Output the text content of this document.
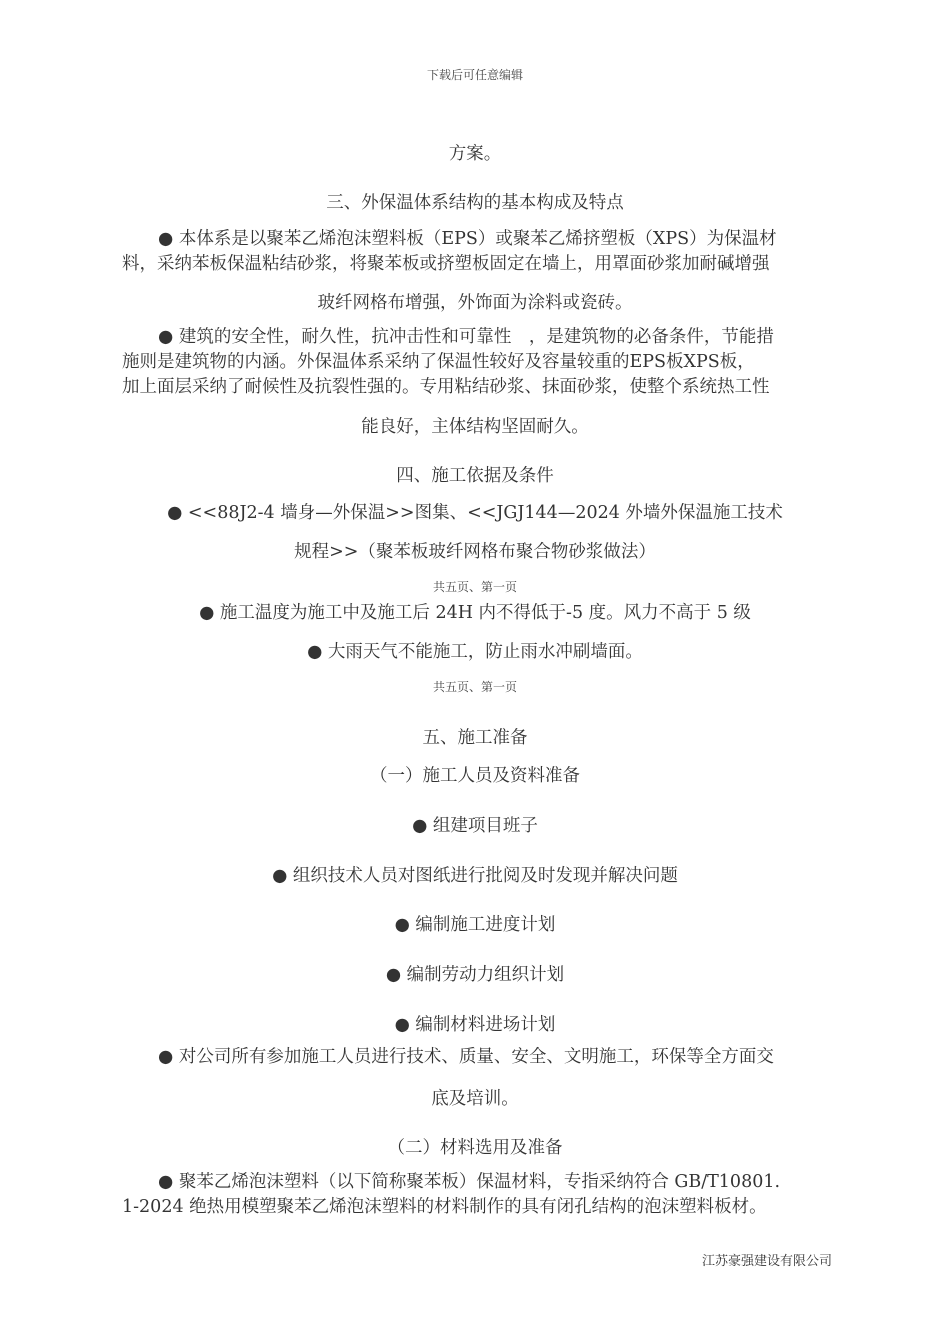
下载后可任意编辑
方案。
三、外保温体系结构的基本构成及特点
● 本体系是以聚苯乙烯泡沫塑料板（EPS）或聚苯乙烯挤塑板（XPS）为保温材
料，采纳苯板保温粘结砂浆，将聚苯板或挤塑板固定在墙上，用罩面砂浆加耐碱增强
玻纤网格布增强，外饰面为涂料或瓷砖。
● 建筑的安全性，耐久性，抗冲击性和可靠性　，是建筑物的必备条件，节能措
施则是建筑物的内涵。外保温体系采纳了保温性较好及容量较重的EPS板XPS板，
加上面层采纳了耐候性及抗裂性强的。专用粘结砂浆、抹面砂浆，使整个系统热工性
能良好，主体结构坚固耐久。
四、施工依据及条件
● <<88J2-4 墙身—外保温>>图集、<<JGJ144—2024 外墙外保温施工技术
规程>>（聚苯板玻纤网格布聚合物砂浆做法）
共五页、第一页
● 施工温度为施工中及施工后 24H 内不得低于-5 度。风力不高于 5 级
● 大雨天气不能施工，防止雨水冲刷墙面。
共五页、第一页
五、施工准备
（一）施工人员及资料准备
● 组建项目班子
● 组织技术人员对图纸进行批阅及时发现并解决问题
● 编制施工进度计划
● 编制劳动力组织计划
● 编制材料进场计划
● 对公司所有参加施工人员进行技术、质量、安全、文明施工，环保等全方面交
底及培训。
（二）材料选用及准备
● 聚苯乙烯泡沫塑料（以下简称聚苯板）保温材料，专指采纳符合 GB/T10801.
1-2024 绝热用模塑聚苯乙烯泡沫塑料的材料制作的具有闭孔结构的泡沫塑料板材。
江苏豪强建设有限公司
